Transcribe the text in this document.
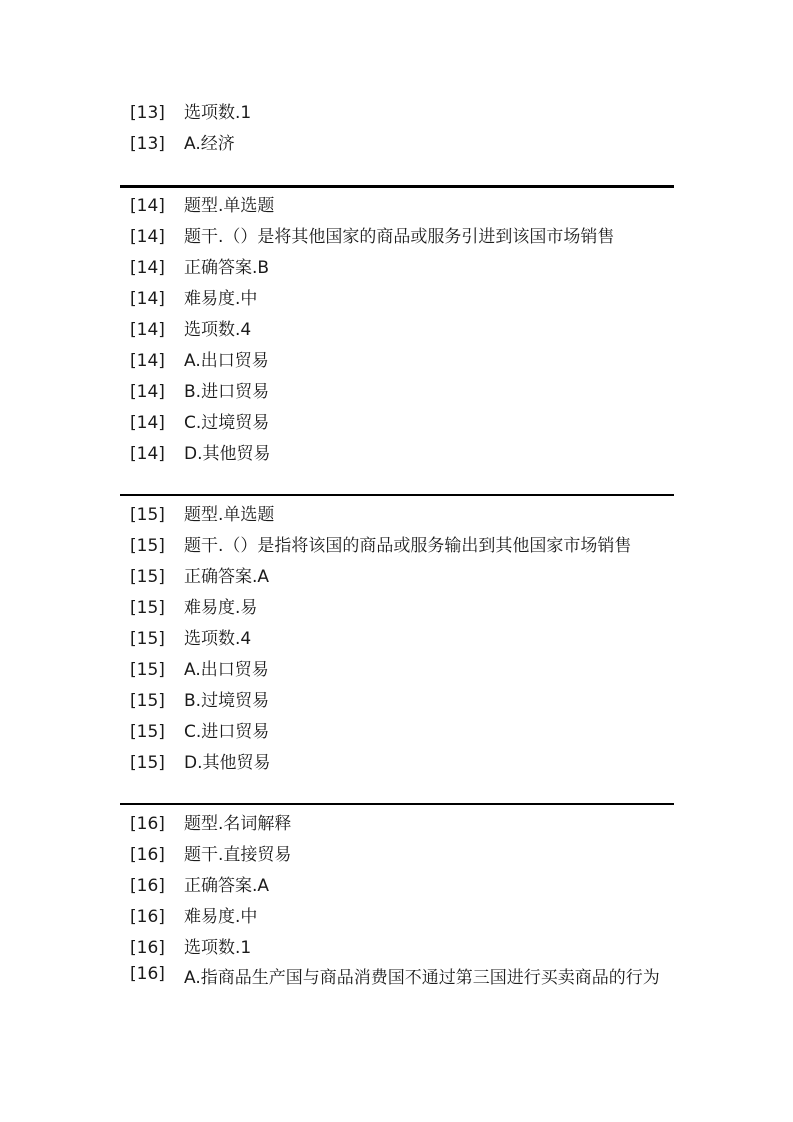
[13] 选项数.1
[13] A.经济
[14] 题型.单选题
[14] 题干.（）是将其他国家的商品或服务引进到该国市场销售
[14] 正确答案.B
[14] 难易度.中
[14] 选项数.4
[14] A.出口贸易
[14] B.进口贸易
[14] C.过境贸易
[14] D.其他贸易
[15] 题型.单选题
[15] 题干.（）是指将该国的商品或服务输出到其他国家市场销售
[15] 正确答案.A
[15] 难易度.易
[15] 选项数.4
[15] A.出口贸易
[15] B.过境贸易
[15] C.进口贸易
[15] D.其他贸易
[16] 题型.名词解释
[16] 题干.直接贸易
[16] 正确答案.A
[16] 难易度.中
[16] 选项数.1
[16]	A.指商品生产国与商品消费国不通过第三国进行买卖商品的行为
